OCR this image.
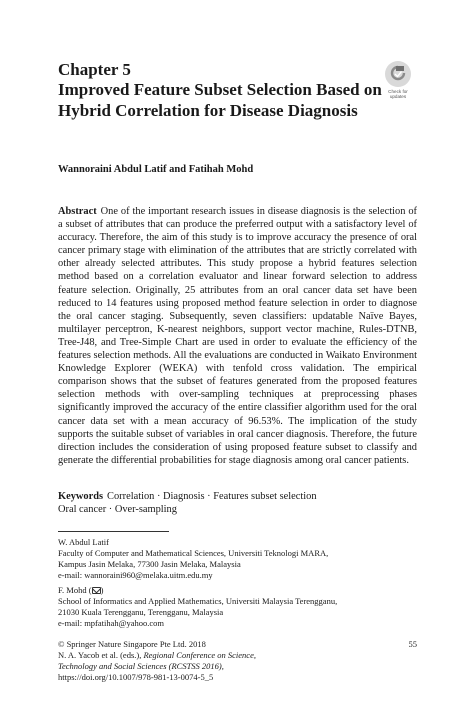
Chapter 5
Improved Feature Subset Selection Based on Hybrid Correlation for Disease Diagnosis
Check for
updates
Wannoraini Abdul Latif and Fatihah Mohd
Abstract One of the important research issues in disease diagnosis is the selection of a subset of attributes that can produce the preferred output with a satisfactory level of accuracy. Therefore, the aim of this study is to improve accuracy the presence of oral cancer primary stage with elimination of the attributes that are strictly correlated with other already selected attributes. This study propose a hybrid features selection method based on a correlation evaluator and linear forward selection to address feature selection. Originally, 25 attributes from an oral cancer data set have been reduced to 14 features using proposed method feature selection in order to diagnose the oral cancer staging. Subsequently, seven classifiers: updatable Naïve Bayes, multilayer perceptron, K-nearest neighbors, support vector machine, Rules-DTNB, Tree-J48, and Tree-Simple Chart are used in order to evaluate the efficiency of the features selection methods. All the evaluations are conducted in Waikato Environment Knowledge Explorer (WEKA) with tenfold cross validation. The empirical comparison shows that the subset of features generated from the proposed features selection methods with over-sampling techniques at preprocessing phases significantly improved the accuracy of the entire classifier algorithm used for the oral cancer data set with a mean accuracy of 96.53%. The implication of the study supports the suitable subset of variables in oral cancer diagnosis. Therefore, the future direction includes the consideration of using proposed feature subset to classify and generate the differential probabilities for stage diagnosis among oral cancer patients.
Keywords Correlation · Diagnosis · Features subset selection
Oral cancer · Over-sampling
W. Abdul Latif
Faculty of Computer and Mathematical Sciences, Universiti Teknologi MARA,
Kampus Jasin Melaka, 77300 Jasin Melaka, Malaysia
e-mail: wannoraini960@melaka.uitm.edu.my
F. Mohd ( )
School of Informatics and Applied Mathematics, Universiti Malaysia Terengganu,
21030 Kuala Terengganu, Terengganu, Malaysia
e-mail: mpfatihah@yahoo.com
© Springer Nature Singapore Pte Ltd. 2018
N. A. Yacob et al. (eds.), Regional Conference on Science,
Technology and Social Sciences (RCSTSS 2016),
https://doi.org/10.1007/978-981-13-0074-5_5
55
